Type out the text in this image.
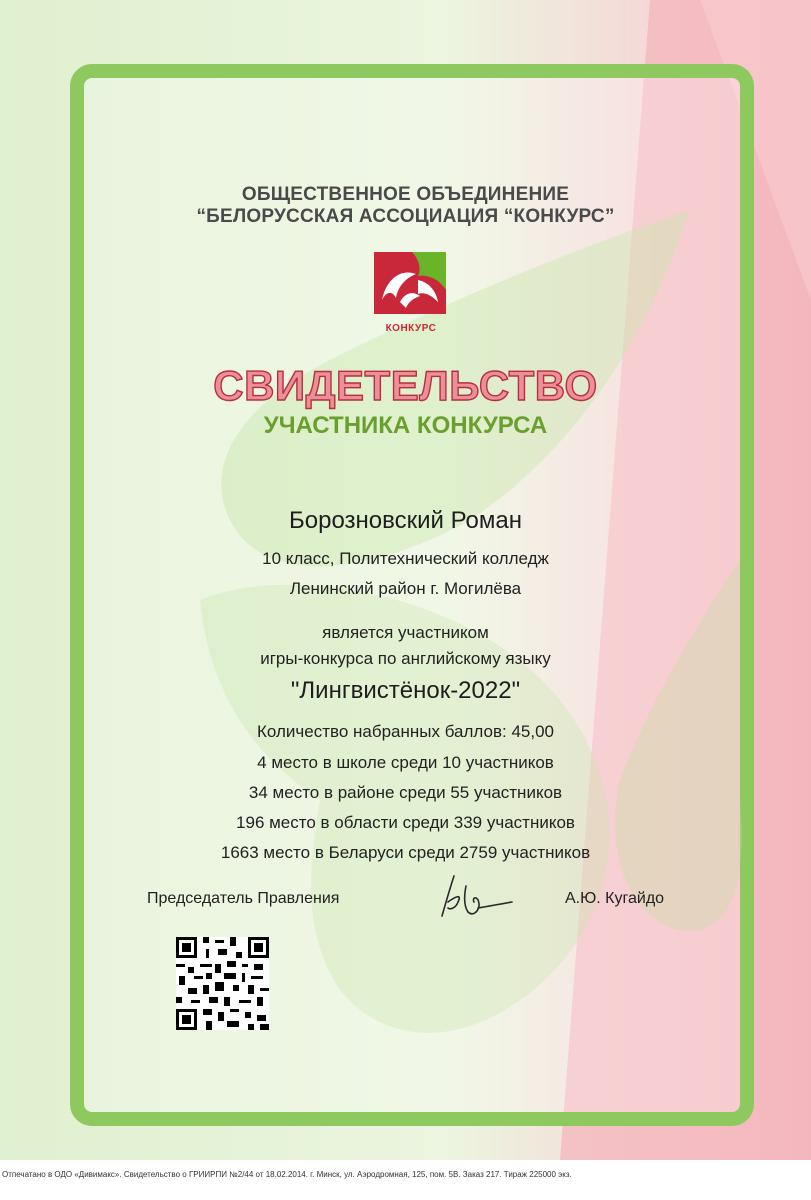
ОБЩЕСТВЕННОЕ ОБЪЕДИНЕНИЕ
“БЕЛОРУССКАЯ АССОЦИАЦИЯ “КОНКУРС”
КОНКУРС
СВИДЕТЕЛЬСТВО
УЧАСТНИКА КОНКУРСА
Борозновский Роман
10 класс, Политехнический колледж
Ленинский район г. Могилёва
является участником
игры-конкурса по английскому языку
"Лингвистёнок-2022"
Количество набранных баллов: 45,00
4 место в школе среди 10 участников
34 место в районе среди 55 участников
196 место в области среди 339 участников
1663 место в Беларуси среди 2759 участников
Председатель Правления	А.Ю. Кугайдо
Отпечатано в ОДО «Дивимакс». Свидетельство о ГРИИРПИ №2/44 от 18.02.2014. г. Минск, ул. Аэродромная, 125, пом. 5В. Заказ 217. Тираж 225000 экз.
